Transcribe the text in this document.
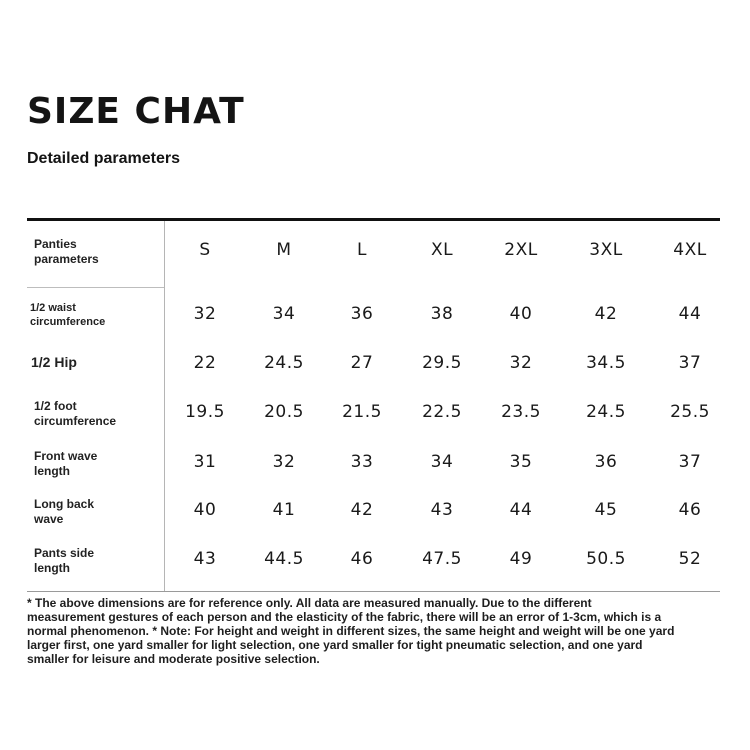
SIZE CHAT
Detailed parameters
Panties
parameters	S	M	L	XL	2XL	3XL	4XL
1/2 waist
circumference	32	34	36	38	40	42	44
1/2 Hip	22	24.5	27	29.5	32	34.5	37
1/2 foot
circumference	19.5	20.5	21.5	22.5	23.5	24.5	25.5
Front wave
length	31	32	33	34	35	36	37
Long back
wave	40	41	42	43	44	45	46
Pants side
length	43	44.5	46	47.5	49	50.5	52
* The above dimensions are for reference only. All data are measured manually. Due to the different
measurement gestures of each person and the elasticity of the fabric, there will be an error of 1-3cm, which is a
normal phenomenon. * Note: For height and weight in different sizes, the same height and weight will be one yard
larger first, one yard smaller for light selection, one yard smaller for tight pneumatic selection, and one yard
smaller for leisure and moderate positive selection.
